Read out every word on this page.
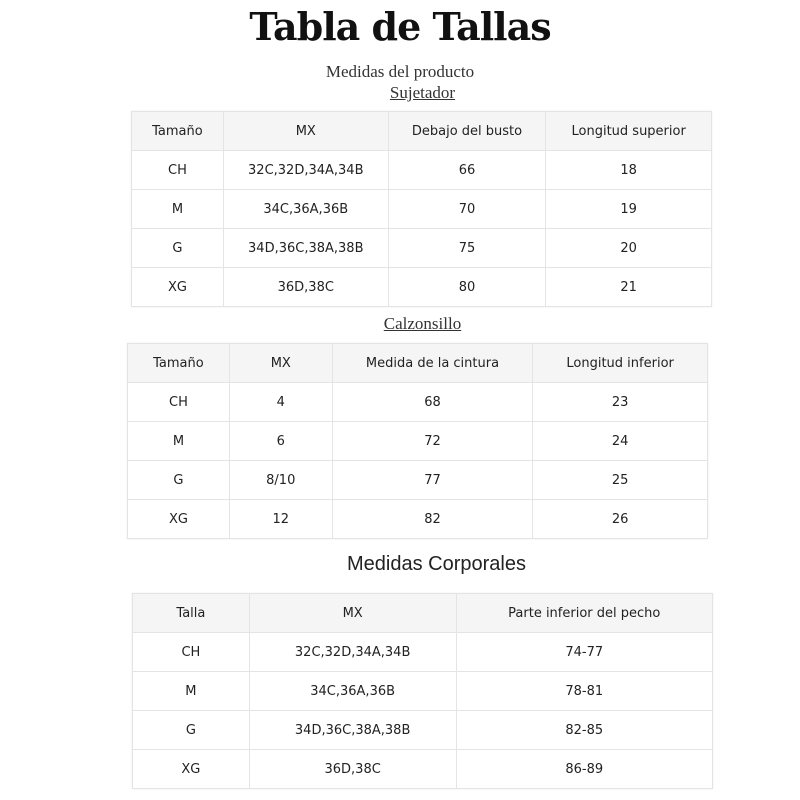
Tabla de Tallas
Medidas del producto
Sujetador
Tamaño	MX	Debajo del busto	Longitud superior
CH	32C,32D,34A,34B	66	18
M	34C,36A,36B	70	19
G	34D,36C,38A,38B	75	20
XG	36D,38C	80	21
Calzonsillo
Tamaño	MX	Medida de la cintura	Longitud inferior
CH	4	68	23
M	6	72	24
G	8/10	77	25
XG	12	82	26
Medidas Corporales
Talla	MX	Parte inferior del pecho
CH	32C,32D,34A,34B	74-77
M	34C,36A,36B	78-81
G	34D,36C,38A,38B	82-85
XG	36D,38C	86-89
